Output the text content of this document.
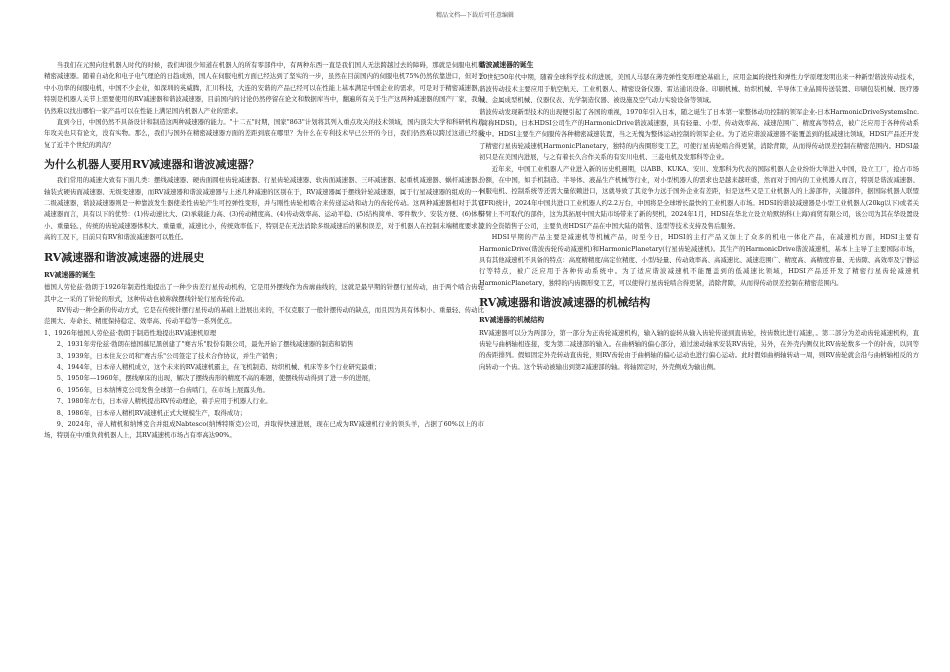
精品文档---下载后可任意编辑

当我们在元照向往机器人时代的时候，我们却很少知道在机器人的所有零部件中，有两种东西一直是我们国人无法跨越过去的障碍，那就是伺服电机和精密减速器。随着自动化和电子电气理论的日趋成熟，国人在伺服电机方面已经达到了坚实的一步，虽然在目前国内的伺服电机75%仍然依靠进口，但对于中小功率的伺服电机，中国不少企业，如深圳的英威腾，汇川科技，大连的安谐的产品已经可以在性能上基本满足中国企业的需求，可是对于精密减速器，特别是机器人关节上需要使用的RV减速器和谐波减速器，目前国内的讨论仍然停留在论文和数据库当中，翻遍所有关于生产这两种减速器的国产厂家，我们仍然难以找出哪怕一家产品可以在性能上满足国内机器人产业的需求。

直到今日，中国仍然不具备设计和制造这两种减速器的能力。"十二五"时期，国家"863"计划将其列入重点攻关的技术领域，国内顶尖大学和科研机构几年攻关也只有论文，没有实物。那么，我们与国外在精密减速器方面的差距到底在哪里？为什么在专利技术早已公开的今日，我们仍然难以跨过这道已经反复了近半个世纪的鸿沟？

为什么机器人要用RV减速器和谐波减速器？

我们常用的减速大致有下面几类：摆线减速器、硬齿面圆柱齿轮减速器、行星齿轮减速器、软齿面减速器、三环减速器、起重机减速器、蜗杆减速器、轴装式硬齿面减速器、无级变速器，而RV减速器和谐波减速器与上述几种减速的区别在于，RV减速器属于摆线针轮减速器，属于行星减速器的组成的一个二级减速器，谐波减速器则是一种靠波发生器使柔性齿轮产生可控弹性变形，并与刚性齿轮相啮合来传递运动和动力的齿轮传动。这两种减速器相对于其它减速器而言，具有以下的优势：(1)传动速比大、(2)承载能力高、(3)传动精度高、(4)传动效率高、运动平稳、(5)结构简单、零件数少、安装方便、(6)体积小、重量轻。，传统的齿轮减速器体积大、重量重，减速比小，传统效率低下，特别是在无法消除多级减速后的累积误差，对于机器人在控制末端精度要求甚高的工况下，目前只有RV和谐波减速器可以胜任。

RV减速器和谐波减速器的进展史
RV减速器的诞生

德国人劳伦兹·勃朗于1926年制造性地提出了一种少齿差行星传动机构，它是用外摆线作为齿廓曲线的，这就是最早期的针摆行星传动，由于两个啮合齿轮其中之一采的了针轮的形式，这种传动也被称做摆线针轮行星齿轮传动。

RV传动一种全新的传动方式，它是在传统针摆行星传动的基础上进展出来的，不仅克服了一般针摆传动的缺点，而且因为具有体积小、重量轻、传动比范围大、寿命长、精度保持稳定、效率高、传动平稳等一系列优点。

1、1926年德国人劳伦兹·勃朗于制造性地提出RV减速机原理

2、1931年劳伦兹·勃朗在德国慕尼黑创建了"赛古乐"股份有限公司，最先开始了摆线减速器的制造和销售

3、1939年，日本住友公司和"赛古乐"公司签定了技术合作协议，并生产销售；

4、1944年，日本帝人精机成立，这个未来的RV减速机霸主，在飞机制造、纺织机械、机床等多个行业研究最重；

5、1950年—1960年，摆线摩床的出现，解决了摆线齿形的精度不高的难题，使摆线传动得到了进一步的进展，

6、1956年，日本纳博克公司发售全球第一台齿啮门，在市场上展露头角。

7、1980年左右，日本帝人精机提出RV传动理论，着手应用于机器人行业。

8、1986年，日本帝人精机RV减速机正式大规模生产，取得成功；

9、2024年，帝人精机和纳博克合并组成Nabtesco(纳博特斯克)公司，并取得快速进展，现在已成为RV减速机行业的领头羊，占据了60%以上的市场，特别在中/重负荷机器人上，其RV减速机市场占有率高达90%。

谐波减速器的诞生

20世纪50年代中期，随着全球科学技术的进展，美国人马瑟在薄壳弹性变形理论基础上，应用金属的挠性和弹性力学原理发明出来一种新型谐波传动技术，谐波传动技术主要应用于航空航天、工业机器人、精密设备仪器、雷达通讯设备、印刷机械、纺织机械、半导体工业晶圆传送装置、印刷包装机械、医疗器械、金属成型机械、仪器仪表、光学制造仪器、被设施及空气动力实验设备等领域。

谐波传动发现新型技术的出现便引起了各国的重视，1970年引入日本，随之诞生了日本第一家整体动功控制的领军企业-日本HarmonicDriveSystemsInc.(简称HDSI)。日本HDSI公司生产的HarmonicDrive谐波减速器，具有轻量、小型、传动效率高、减速范围广、精度高等特点，被广泛应用于各种传动系统中。HDSI主要生产伺服传各种精密减速装置，当之无愧为整体运动控制的领军企业。为了适应谐波减速器不能覆盖到的低减速比领域，HDSI产品还开发了精密行星齿轮减速机HarmonicPlanetary，独特的内齿圈形变工艺，可使行星齿轮啮合得更紧，消除背隙，从而得传动误差控制在精密范围内。HDSI最初只是在美国内进展，与之有着长久合作关系的有安川电机、三菱电机及发那科等企业。

近年来，中国工业机器人产业进入新的历史机遇期，以ABB、KUKA、安川、发那科为代表的国际机器人企业纷纷大举进入中国，设立工厂，抢占市场份额，在中国，如手机制造、半导体、液晶生产机械等行业，对小型机器人的需求也是越来越旺盛，然而对于国内的工业机器人而言，特别是谐波减速器、伺服电机、控制系统等还需大量依赖进口，这就导致了其竞争力远于国外企业有差距，但是这些又是工业机器人的上游部件，关键部件，据国际机器人联盟(IFR)统计，2024年中国共进口工业机器人约2.2万台，中国将是全球增长最快的工业机器人市场。HDSI的谐波减速器是小型工业机器人(20kg以下)或者关节臂上不可取代的部件，这为其拓展中国大陆市场带来了新的契机，2024年1月，HDSI在华北立设立哈默纳科(上海)商贸有限公司，该公司为其在华设置设立的全资销售子公司，主要负责HDSI产品在中国大陆的销售、选型等技术支持及售后服务。

HDSI早期的产品主要是减速机等机械产品，时至今日，HDSI的主打产品又加上了众多的机电一体化产品，在减速机方面，HDSI主要有HarmonicDrive(谐波齿轮传动减速机)和HarmonicPlanetary(行星齿轮减速机)。其生产的HarmonicDrive谐波减速机，基本上主导了主要国际市场，具有其他减速机不具备的特点：高度精精度/高定位精度、小型/轻量、传动效率高、高减速比、减速范围广、精度高、高精度容量、无齿隙、高效率及宁静运行等特点，被广泛应用于各种传动系统中。为了适应谐波减速机不能覆盖到的低减速比领域，HDSI产品还开发了精密行星齿轮减速机HarmonicPlanetary，独特的内齿圈形变工艺，可以使得行星齿轮啮合得更紧，消除背隙，从而得传动误差控制在精密范围内。

RV减速器和谐波减速器的机械结构
RV减速器的机械结构

RV减速器可以分为两部分，第一部分为正齿轮减速机构，输入轴的旋转从输入齿轮传递到直齿轮，按齿数比进行减速，。第二部分为差动齿轮减速机构，直齿轮与曲柄轴相连接，变为第二减速部的输入。在曲柄轴的偏心部分，通过滚动轴承安装RV齿轮，另外，在外壳内侧仅比RV齿轮数多一个的针齿，以同等的齿距排列。假如固定外壳转动直齿轮，则RV齿轮由于曲柄轴的偏心运动也进行偏心运动。此时假如曲柄轴转动一周，则RV齿轮就会沿与曲柄轴相反的方向转动一个齿。这个转动被输出到第2减速部的轴。将轴固定时，外壳侧成为输出侧。
